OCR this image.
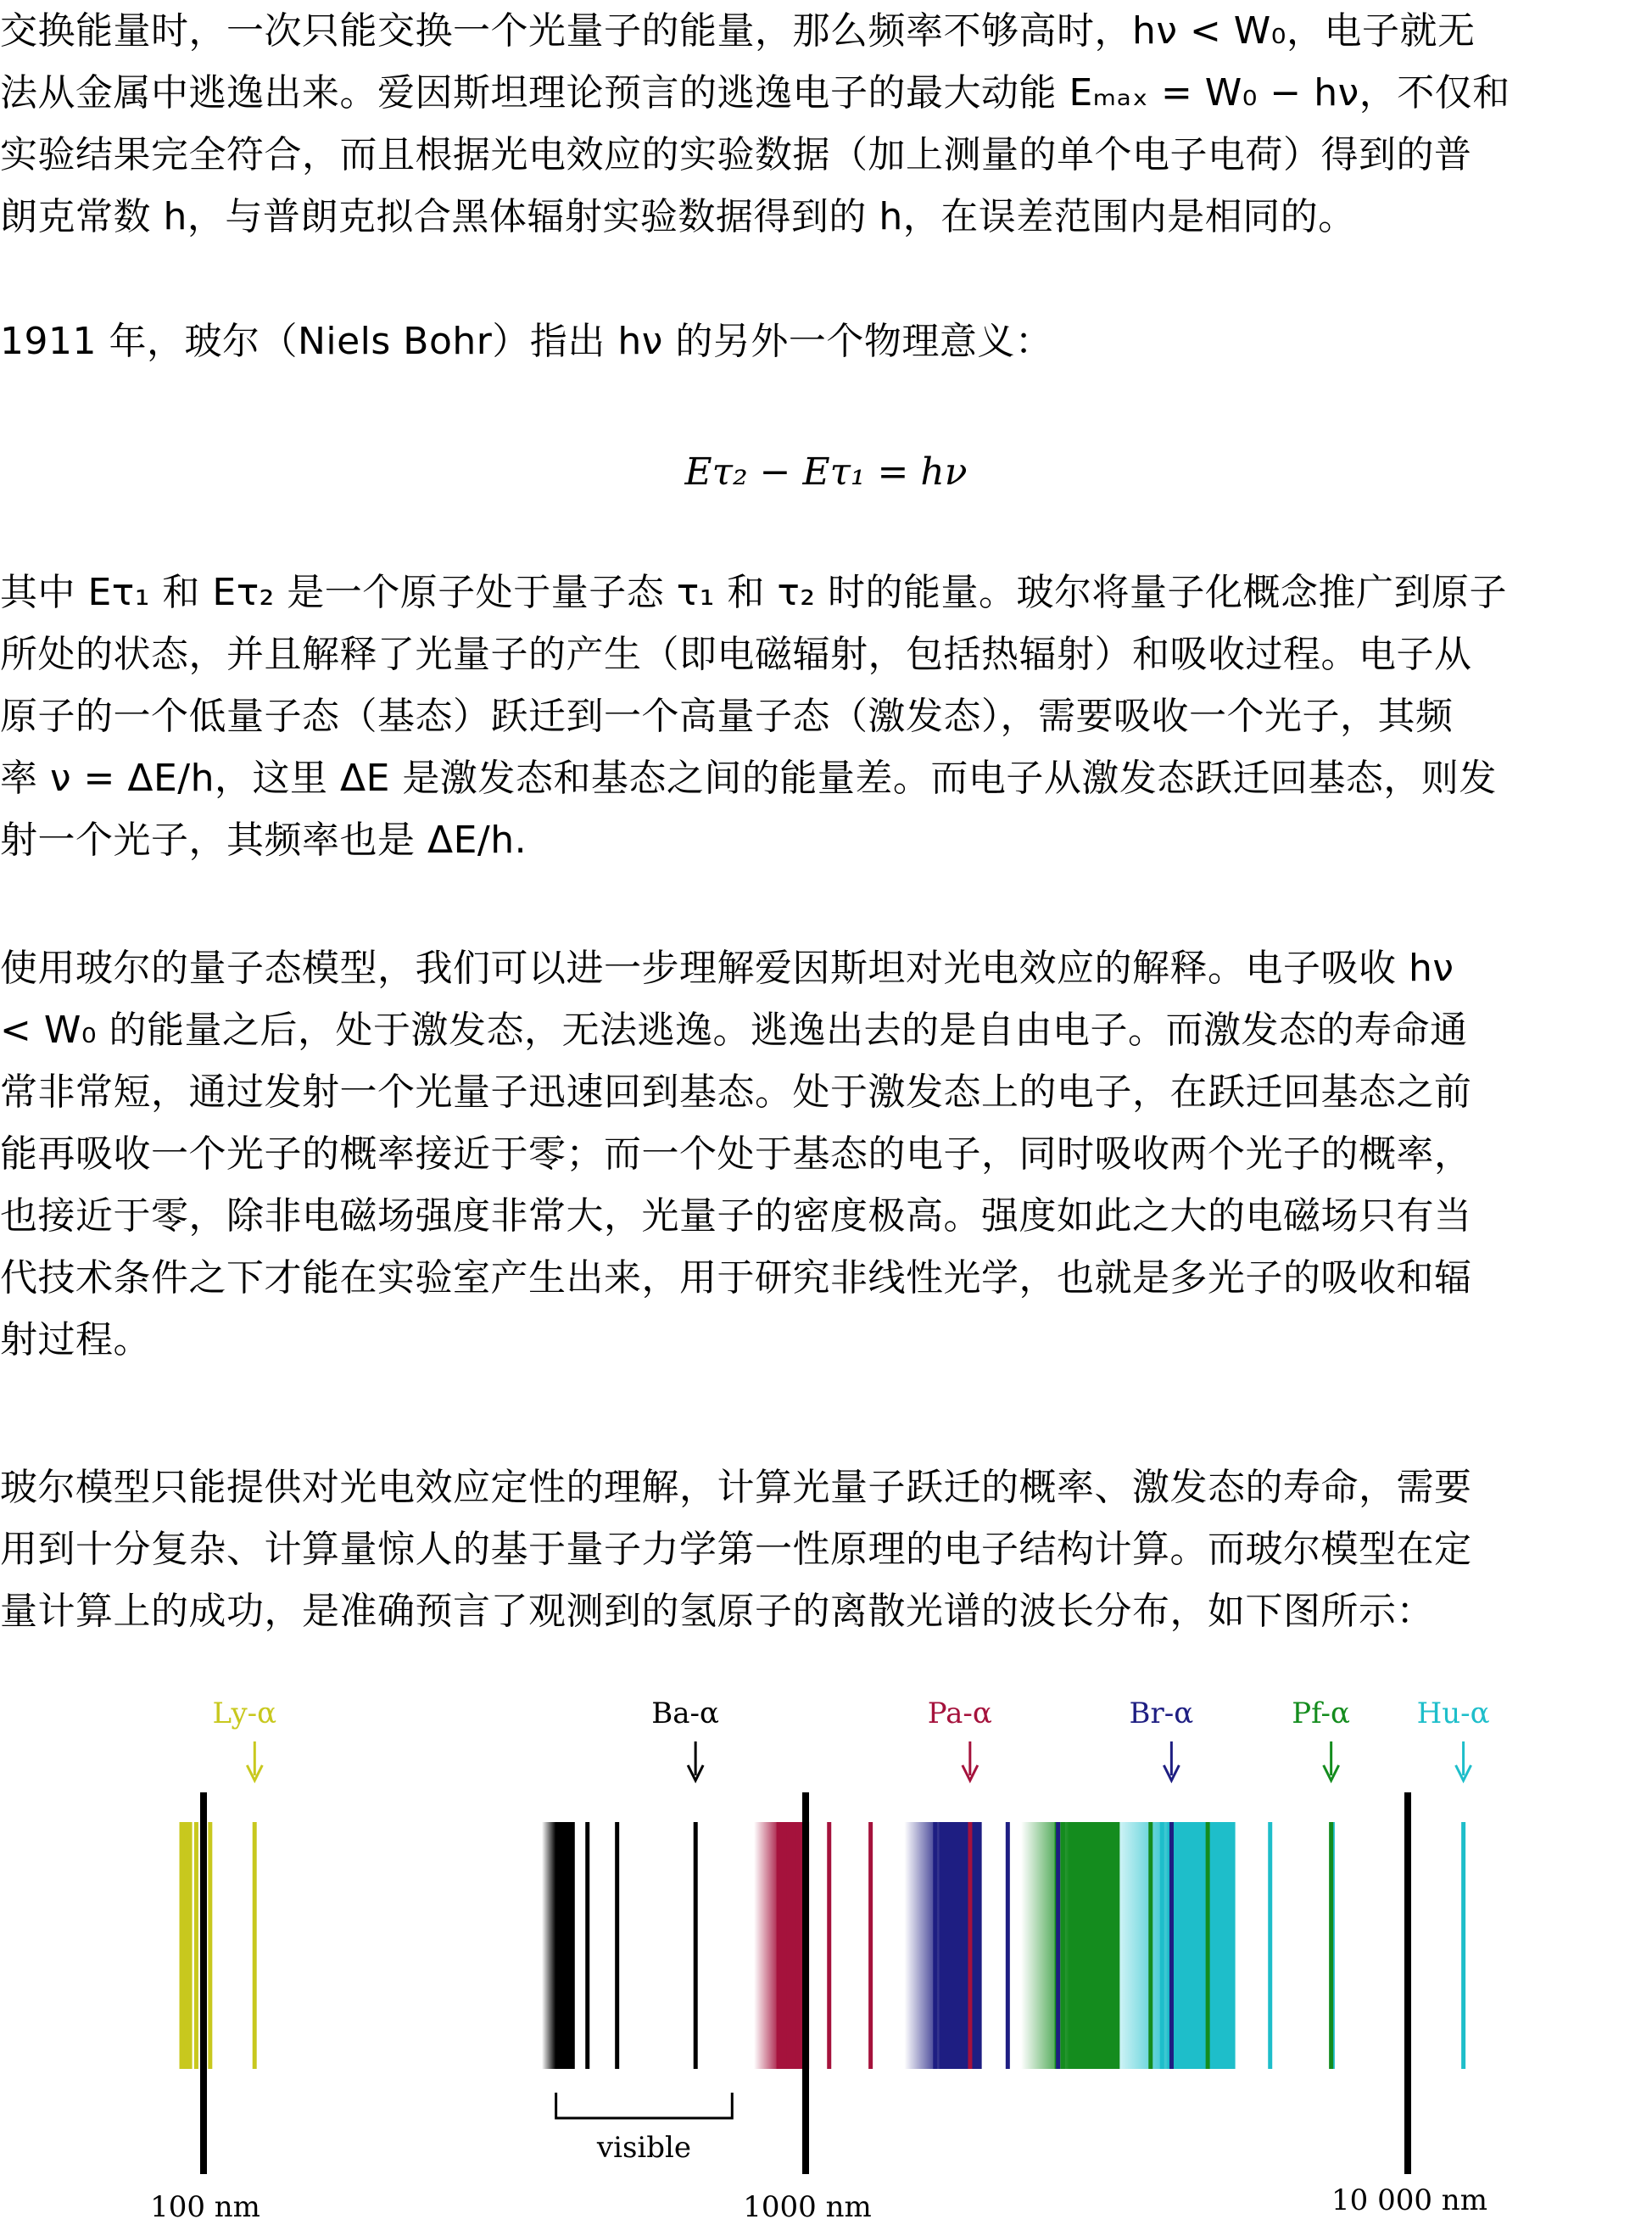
交换能量时，一次只能交换一个光量子的能量，那么频率不够高时，hν < W₀，电子就无
法从金属中逃逸出来。爱因斯坦理论预言的逃逸电子的最大动能 Eₘₐₓ = W₀ − hν，不仅和
实验结果完全符合，而且根据光电效应的实验数据（加上测量的单个电子电荷）得到的普
朗克常数 h，与普朗克拟合黑体辐射实验数据得到的 h，在误差范围内是相同的。

1911 年，玻尔（Niels Bohr）指出 hν 的另外一个物理意义：

Eτ₂ − Eτ₁ = hν

其中 Eτ₁ 和 Eτ₂ 是一个原子处于量子态 τ₁ 和 τ₂ 时的能量。玻尔将量子化概念推广到原子
所处的状态，并且解释了光量子的产生（即电磁辐射，包括热辐射）和吸收过程。电子从
原子的一个低量子态（基态）跃迁到一个高量子态（激发态），需要吸收一个光子，其频
率 ν = ΔE/h，这里 ΔE 是激发态和基态之间的能量差。而电子从激发态跃迁回基态，则发
射一个光子，其频率也是 ΔE/h.

使用玻尔的量子态模型，我们可以进一步理解爱因斯坦对光电效应的解释。电子吸收 hν
< W₀ 的能量之后，处于激发态，无法逃逸。逃逸出去的是自由电子。而激发态的寿命通
常非常短，通过发射一个光量子迅速回到基态。处于激发态上的电子，在跃迁回基态之前
能再吸收一个光子的概率接近于零；而一个处于基态的电子，同时吸收两个光子的概率，
也接近于零，除非电磁场强度非常大，光量子的密度极高。强度如此之大的电磁场只有当
代技术条件之下才能在实验室产生出来，用于研究非线性光学，也就是多光子的吸收和辐
射过程。

玻尔模型只能提供对光电效应定性的理解，计算光量子跃迁的概率、激发态的寿命，需要
用到十分复杂、计算量惊人的基于量子力学第一性原理的电子结构计算。而玻尔模型在定
量计算上的成功，是准确预言了观测到的氢原子的离散光谱的波长分布，如下图所示：

100 nm	1000 nm	10 000 nm
visible
Ly-α	Ba-α	Pa-α	Br-α	Pf-α Hu-α
